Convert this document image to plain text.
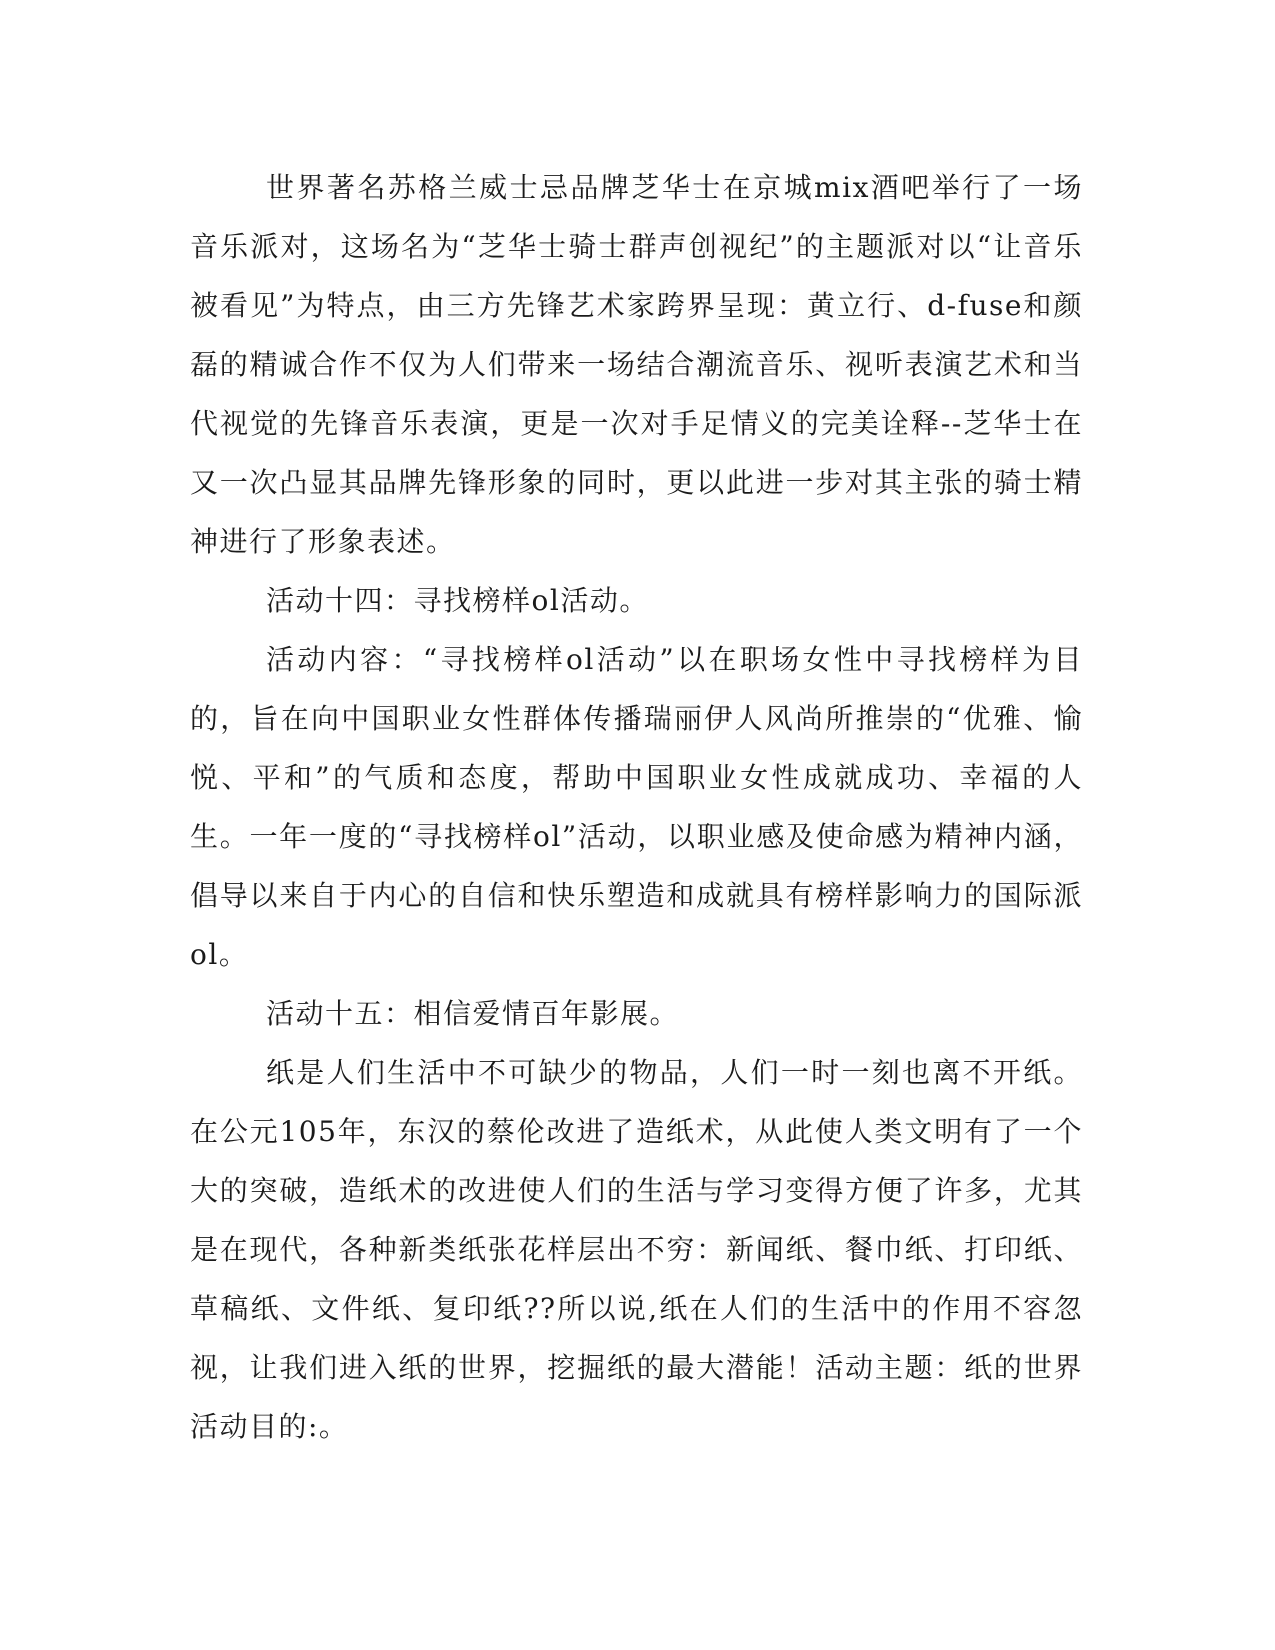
世界著名苏格兰威士忌品牌芝华士在京城mix酒吧举行了一场音乐派对，这场名为“芝华士骑士群声创视纪”的主题派对以“让音乐被看见”为特点，由三方先锋艺术家跨界呈现：黄立行、d-fuse和颜磊的精诚合作不仅为人们带来一场结合潮流音乐、视听表演艺术和当代视觉的先锋音乐表演，更是一次对手足情义的完美诠释--芝华士在又一次凸显其品牌先锋形象的同时，更以此进一步对其主张的骑士精神进行了形象表述。

活动十四：寻找榜样ol活动。

活动内容：“寻找榜样ol活动”以在职场女性中寻找榜样为目的，旨在向中国职业女性群体传播瑞丽伊人风尚所推崇的“优雅、愉悦、平和”的气质和态度，帮助中国职业女性成就成功、幸福的人生。一年一度的“寻找榜样ol”活动，以职业感及使命感为精神内涵，倡导以来自于内心的自信和快乐塑造和成就具有榜样影响力的国际派ol。

活动十五：相信爱情百年影展。

纸是人们生活中不可缺少的物品，人们一时一刻也离不开纸。在公元105年，东汉的蔡伦改进了造纸术，从此使人类文明有了一个大的突破，造纸术的改进使人们的生活与学习变得方便了许多，尤其是在现代，各种新类纸张花样层出不穷：新闻纸、餐巾纸、打印纸、草稿纸、文件纸、复印纸??所以说,纸在人们的生活中的作用不容忽视，让我们进入纸的世界，挖掘纸的最大潜能！活动主题：纸的世界活动目的:。
